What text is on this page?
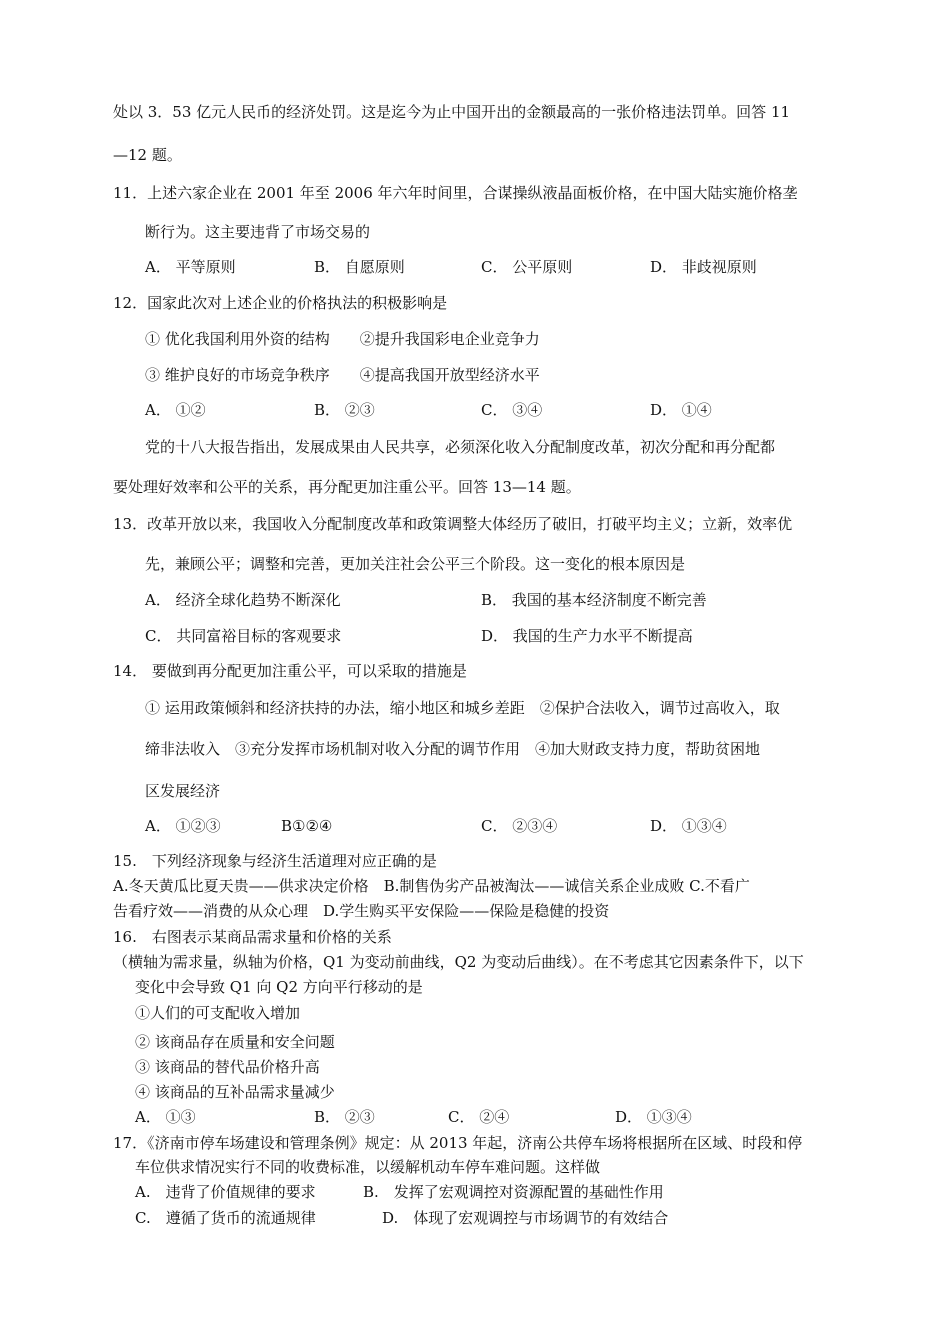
处以 3．53 亿元人民币的经济处罚。这是迄今为止中国开出的金额最高的一张价格违法罚单。回答 11
—12 题。
11．上述六家企业在 2001 年至 2006 年六年时间里，合谋操纵液晶面板价格，在中国大陆实施价格垄
断行为。这主要违背了市场交易的
A． 平等原则	B． 自愿原则	C． 公平原则	D． 非歧视原则
12．国家此次对上述企业的价格执法的积极影响是
① 优化我国利用外资的结构　　②提升我国彩电企业竞争力
③ 维护良好的市场竞争秩序　　④提高我国开放型经济水平
A． ①②	B． ②③	C． ③④	D． ①④
党的十八大报告指出，发展成果由人民共享，必须深化收入分配制度改革，初次分配和再分配都
要处理好效率和公平的关系，再分配更加注重公平。回答 13—14 题。
13．改革开放以来，我国收入分配制度改革和政策调整大体经历了破旧，打破平均主义；立新，效率优
先，兼顾公平；调整和完善，更加关注社会公平三个阶段。这一变化的根本原因是
A． 经济全球化趋势不断深化	B． 我国的基本经济制度不断完善
C． 共同富裕目标的客观要求	D． 我国的生产力水平不断提高
14． 要做到再分配更加注重公平，可以采取的措施是
① 运用政策倾斜和经济扶持的办法，缩小地区和城乡差距　②保护合法收入，调节过高收入，取
缔非法收入　③充分发挥市场机制对收入分配的调节作用　④加大财政支持力度，帮助贫困地
区发展经济
A． ①②③	B①②④	C． ②③④	D． ①③④
15.　下列经济现象与经济生活道理对应正确的是
A.冬天黄瓜比夏天贵——供求决定价格　B.制售伪劣产品被淘汰——诚信关系企业成败 C.不看广
告看疗效——消费的从众心理　D.学生购买平安保险——保险是稳健的投资
16.　右图表示某商品需求量和价格的关系
（横轴为需求量，纵轴为价格，Q1 为变动前曲线，Q2 为变动后曲线）。在不考虑其它因素条件下，以下
变化中会导致 Q1 向 Q2 方向平行移动的是
①人们的可支配收入增加
② 该商品存在质量和安全问题
③ 该商品的替代品价格升高
④ 该商品的互补品需求量减少
A． ①③	B． ②③	C． ②④	D． ①③④
17．《济南市停车场建设和管理条例》规定：从 2013 年起，济南公共停车场将根据所在区域、时段和停
车位供求情况实行不同的收费标准，以缓解机动车停车难问题。这样做
A.　违背了价值规律的要求	B.　发挥了宏观调控对资源配置的基础性作用
C.　遵循了货币的流通规律	D.　体现了宏观调控与市场调节的有效结合
